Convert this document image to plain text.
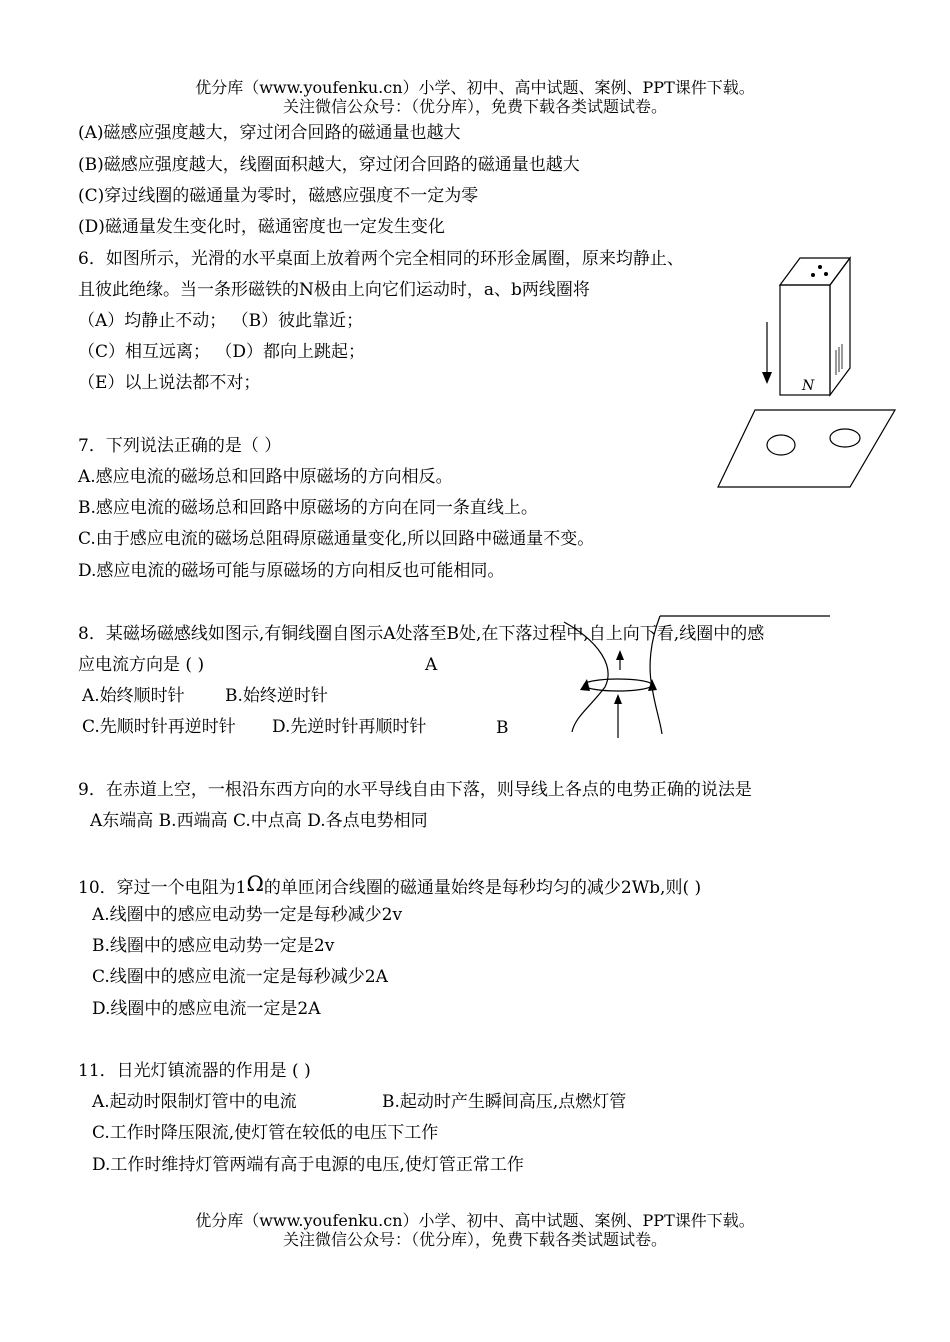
优分库（www.youfenku.cn）小学、初中、高中试题、案例、PPT课件下载。
关注微信公众号：（优分库），免费下载各类试题试卷。
(A)磁感应强度越大，穿过闭合回路的磁通量也越大
(B)磁感应强度越大，线圈面积越大，穿过闭合回路的磁通量也越大
(C)穿过线圈的磁通量为零时，磁感应强度不一定为零
(D)磁通量发生变化时，磁通密度也一定发生变化
6．如图所示，光滑的水平桌面上放着两个完全相同的环形金属圈，原来均静止、
且彼此绝缘。当一条形磁铁的N极由上向它们运动时，a、b两线圈将
（A）均静止不动； （B）彼此靠近；
（C）相互远离； （D）都向上跳起；
（E）以上说法都不对；	N
7．下列说法正确的是（ ）
A.感应电流的磁场总和回路中原磁场的方向相反。
B.感应电流的磁场总和回路中原磁场的方向在同一条直线上。
C.由于感应电流的磁场总阻碍原磁通量变化,所以回路中磁通量不变。
D.感应电流的磁场可能与原磁场的方向相反也可能相同。
8．某磁场磁感线如图示,有铜线圈自图示A处落至B处,在下落过程中,自上向下看,线圈中的感
应电流方向是 ( )	A
A.始终顺时针 B.始终逆时针
C.先顺时针再逆时针 D.先逆时针再顺时针	B
9．在赤道上空，一根沿东西方向的水平导线自由下落，则导线上各点的电势正确的说法是
A东端高 B.西端高 C.中点高 D.各点电势相同
10．穿过一个电阻为1Ω的单匝闭合线圈的磁通量始终是每秒均匀的减少2Wb,则( )
A.线圈中的感应电动势一定是每秒减少2v
B.线圈中的感应电动势一定是2v
C.线圈中的感应电流一定是每秒减少2A
D.线圈中的感应电流一定是2A
11．日光灯镇流器的作用是 ( )
A.起动时限制灯管中的电流	B.起动时产生瞬间高压,点燃灯管
C.工作时降压限流,使灯管在较低的电压下工作
D.工作时维持灯管两端有高于电源的电压,使灯管正常工作
优分库（www.youfenku.cn）小学、初中、高中试题、案例、PPT课件下载。
关注微信公众号：（优分库），免费下载各类试题试卷。
